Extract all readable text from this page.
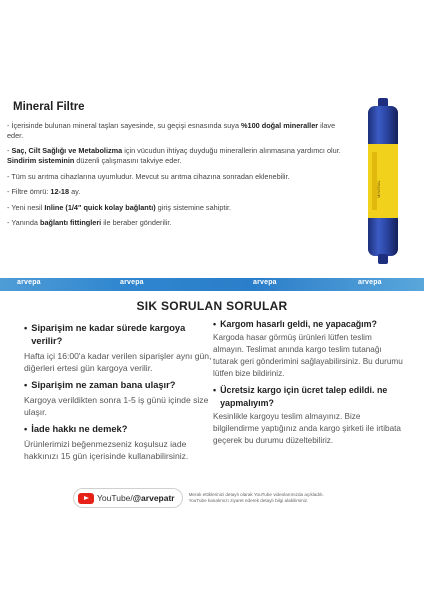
Mineral Filtre

- İçerisinde bulunan mineral taşları sayesinde, su geçişi esnasında suya %100 doğal mineraller ilave eder.

- Saç, Cilt Sağlığı ve Metabolizma için vücudun ihtiyaç duyduğu minerallerin alınmasına yardımcı olur. Sindirim sisteminin düzenli çalışmasını takviye eder.

- Tüm su arıtma cihazlarına uyumludur. Mevcut su arıtma cihazına sonradan eklenebilir.

- Filtre ömrü: 12-18 ay.

- Yeni nesil Inline (1/4" quick kolay bağlantı) giriş sistemine sahiptir.

- Yanında bağlantı fittingleri ile beraber gönderilir.

MINERAL
arvepa	arvepa	arvepa	arvepa
SIK SORULAN SORULAR
• Siparişim ne kadar sürede kargoya verilir?
Hafta içi 16:00'a kadar verilen siparişler aynı gün, diğerleri ertesi gün kargoya verilir.
• Siparişim ne zaman bana ulaşır?
Kargoya verildikten sonra 1-5 iş günü içinde size ulaşır.
• İade hakkı ne demek?
Ürünlerimizi beğenmezseniz koşulsuz iade hakkınızı 15 gün içerisinde kullanabilirsiniz.
• Kargom hasarlı geldi, ne yapacağım?
Kargoda hasar görmüş ürünleri lütfen teslim almayın. Teslimat anında kargo teslim tutanağı tutarak geri gönderimini sağlayabilirsiniz. Bu durumu lütfen bize bildiriniz.
• Ücretsiz kargo için ücret talep edildi. ne yapmalıyım?
Kesinlikle kargoyu teslim almayınız. Bize bilgilendirme yaptığınız anda kargo şirketi ile irtibata geçerek bu durumu düzeltebiliriz.
YouTube/@arvepatr	Merak ettiklerinizi detaylı olarak YouTube videolarımızda açıkladık. YouTube kanalımızı ziyaret ederek detaylı bilgi alabilirsiniz.
